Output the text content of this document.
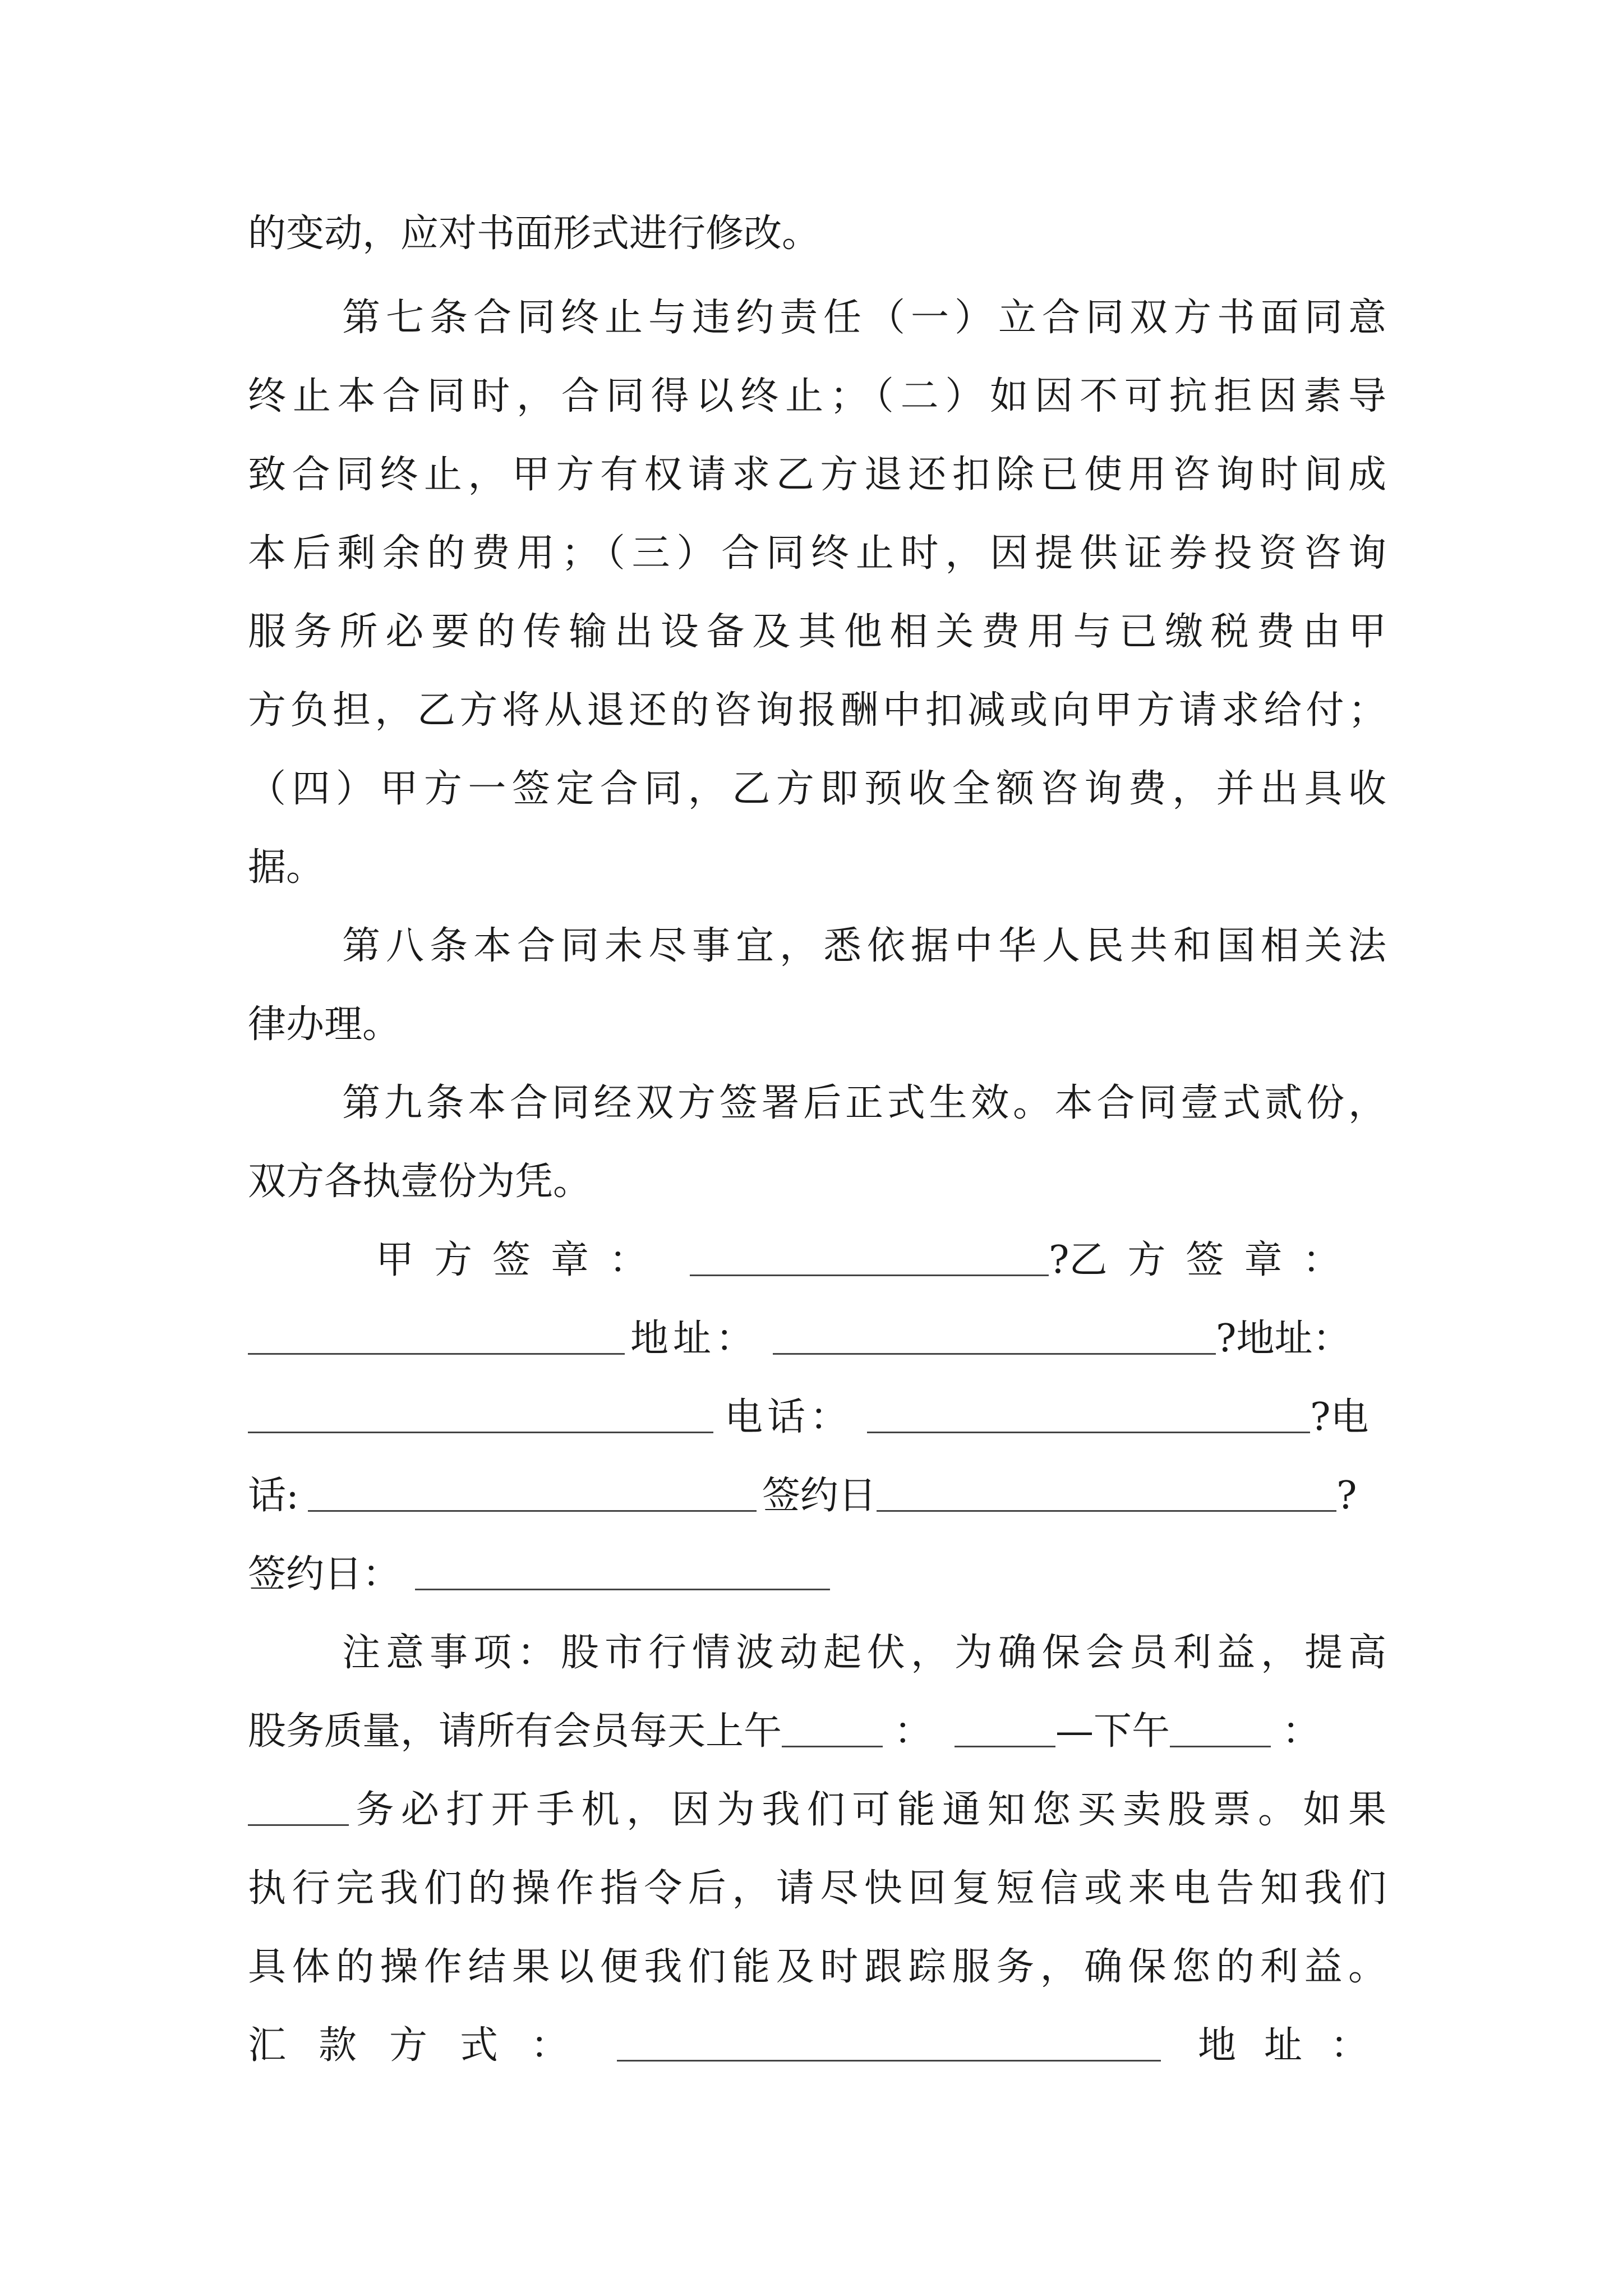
的变动，应对书面形式进行修改。
第七条合同终止与违约责任（一）立合同双方书面同意
终止本合同时，合同得以终止；（二）如因不可抗拒因素导
致合同终止，甲方有权请求乙方退还扣除已使用咨询时间成
本后剩余的费用；（三）合同终止时，因提供证券投资咨询
服务所必要的传输出设备及其他相关费用与已缴税费由甲
方负担，乙方将从退还的咨询报酬中扣减或向甲方请求给付；
（四）甲方一签定合同，乙方即预收全额咨询费，并出具收
据。
第八条本合同未尽事宜，悉依据中华人民共和国相关法
律办理。
第九条本合同经双方签署后正式生效。本合同壹式贰份，
双方各执壹份为凭。
甲方签章：	?乙方签章：
地址：	?地址：
电话：	?电
话:	签约日	?
签约日：
注意事项：股市行情波动起伏，为确保会员利益，提高
股务质量，请所有会员每天上午	：	—下午	：
务必打开手机，因为我们可能通知您买卖股票。如果
执行完我们的操作指令后，请尽快回复短信或来电告知我们
具体的操作结果以便我们能及时跟踪服务，确保您的利益。
汇款方式：	地址：
